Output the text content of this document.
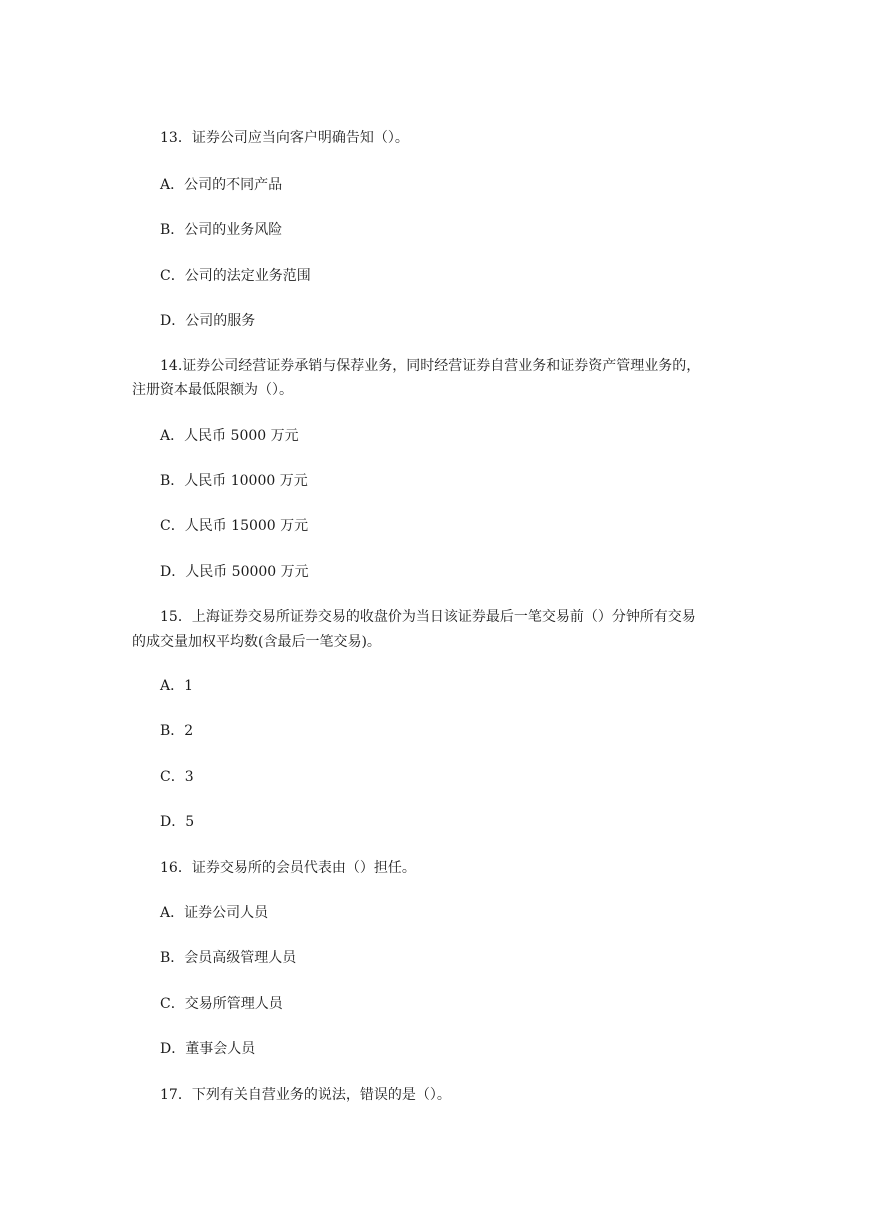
13．证券公司应当向客户明确告知（）。
A．公司的不同产品
B．公司的业务风险
C．公司的法定业务范围
D．公司的服务
14.证券公司经营证券承销与保荐业务，同时经营证券自营业务和证券资产管理业务的，
注册资本最低限额为（）。
A．人民币 5000 万元
B．人民币 10000 万元
C．人民币 15000 万元
D．人民币 50000 万元
15．上海证券交易所证券交易的收盘价为当日该证券最后一笔交易前（）分钟所有交易
的成交量加权平均数(含最后一笔交易)。
A．1
B．2
C．3
D．5
16．证券交易所的会员代表由（）担任。
A．证券公司人员
B．会员高级管理人员
C．交易所管理人员
D．董事会人员
17．下列有关自营业务的说法，错误的是（）。
